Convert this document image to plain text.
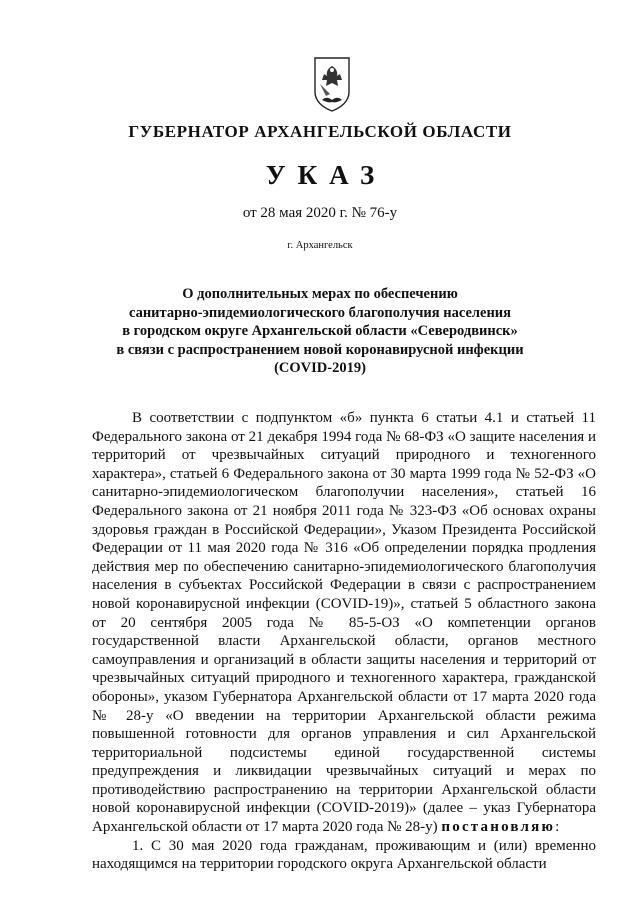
ГУБЕРНАТОР АРХАНГЕЛЬСКОЙ ОБЛАСТИ
УКАЗ
от 28 мая 2020 г. № 76-у
г. Архангельск
О дополнительных мерах по обеспечению
санитарно-эпидемиологического благополучия населения
в городском округе Архангельской области «Северодвинск»
в связи с распространением новой коронавирусной инфекции
(COVID-2019)

В соответствии с подпунктом «б» пункта 6 статьи 4.1 и статьей 11 Федерального закона от 21 декабря 1994 года № 68-ФЗ «О защите населения и территорий от чрезвычайных ситуаций природного и техногенного характера», статьей 6 Федерального закона от 30 марта 1999 года № 52-ФЗ «О санитарно-эпидемиологическом благополучии населения», статьей 16 Федерального закона от 21 ноября 2011 года № 323-ФЗ «Об основах охраны здоровья граждан в Российской Федерации», Указом Президента Российской Федерации от 11 мая 2020 года № 316 «Об определении порядка продления действия мер по обеспечению санитарно-эпидемиологического благополучия населения в субъектах Российской Федерации в связи с распространением новой коронавирусной инфекции (COVID-19)», статьей 5 областного закона от 20 сентября 2005 года № 85-5-ОЗ «О компетенции органов государственной власти Архангельской области, органов местного самоуправления и организаций в области защиты населения и территорий от чрезвычайных ситуаций природного и техногенного характера, гражданской обороны», указом Губернатора Архангельской области от 17 марта 2020 года № 28-у «О введении на территории Архангельской области режима повышенной готовности для органов управления и сил Архангельской территориальной подсистемы единой государственной системы предупреждения и ликвидации чрезвычайных ситуаций и мерах по противодействию распространению на территории Архангельской области новой коронавирусной инфекции (COVID-2019)» (далее – указ Губернатора Архангельской области от 17 марта 2020 года № 28-у) постановляю:

1. С 30 мая 2020 года гражданам, проживающим и (или) временно находящимся на территории городского округа Архангельской области
